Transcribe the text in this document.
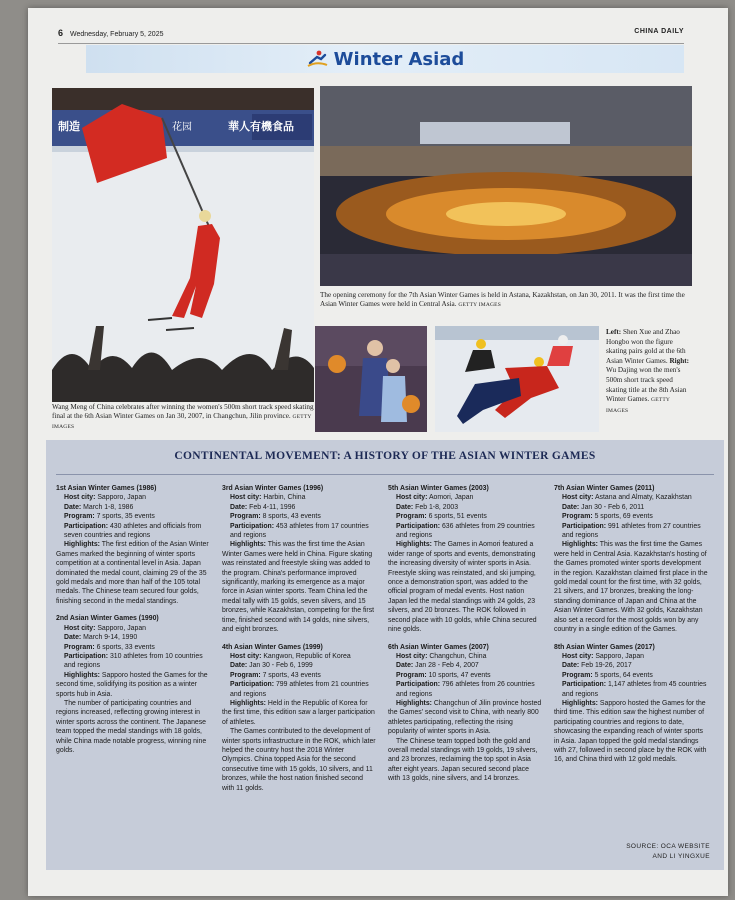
6 Wednesday, February 5, 2025	CHINA DAILY
Winter Asiad
制造	花园	華人有機食品
Wang Meng of China celebrates after winning the women's 500m short track speed skating final at the 6th Asian Winter Games on Jan 30, 2007, in Changchun, Jilin province. GETTY IMAGES
The opening ceremony for the 7th Asian Winter Games is held in Astana, Kazakhstan, on Jan 30, 2011. It was the first time the Asian Winter Games were held in Central Asia. GETTY IMAGES
Left: Shen Xue and Zhao Hongbo won the figure skating pairs gold at the 6th Asian Winter Games. Right: Wu Dajing won the men's 500m short track speed skating title at the 8th Asian Winter Games. GETTY IMAGES
CONTINENTAL MOVEMENT: A HISTORY OF THE ASIAN WINTER GAMES
1st Asian Winter Games (1986)
Host city: Sapporo, Japan
Date: March 1-8, 1986
Program: 7 sports, 35 events
Participation: 430 athletes and officials from seven countries and regions

Highlights: The first edition of the Asian Winter Games marked the beginning of winter sports competition at a continental level in Asia. Japan dominated the medal count, claiming 29 of the 35 gold medals and more than half of the 105 total medals. The Chinese team secured four golds, finishing second in the medal standings.

2nd Asian Winter Games (1990)
Host city: Sapporo, Japan
Date: March 9-14, 1990
Program: 6 sports, 33 events
Participation: 310 athletes from 10 countries and regions

Highlights: Sapporo hosted the Games for the second time, solidifying its position as a winter sports hub in Asia.

The number of participating countries and regions increased, reflecting growing interest in winter sports across the continent. The Japanese team topped the medal standings with 18 golds, while China made notable progress, winning nine golds.

3rd Asian Winter Games (1996)
Host city: Harbin, China
Date: Feb 4-11, 1996
Program: 8 sports, 43 events
Participation: 453 athletes from 17 countries and regions

Highlights: This was the first time the Asian Winter Games were held in China. Figure skating was reinstated and freestyle skiing was added to the program. China's performance improved significantly, marking its emergence as a major force in Asian winter sports. Team China led the medal tally with 15 golds, seven silvers, and 15 bronzes, while Kazakhstan, competing for the first time, finished second with 14 golds, nine silvers, and eight bronzes.

4th Asian Winter Games (1999)
Host city: Kangwon, Republic of Korea
Date: Jan 30 - Feb 6, 1999
Program: 7 sports, 43 events
Participation: 799 athletes from 21 countries and regions

Highlights: Held in the Republic of Korea for the first time, this edition saw a larger participation of athletes.

The Games contributed to the development of winter sports infrastructure in the ROK, which later helped the country host the 2018 Winter Olympics. China topped Asia for the second consecutive time with 15 golds, 10 silvers, and 11 bronzes, while the host nation finished second with 11 golds.

5th Asian Winter Games (2003)
Host city: Aomori, Japan
Date: Feb 1-8, 2003
Program: 6 sports, 51 events
Participation: 636 athletes from 29 countries and regions

Highlights: The Games in Aomori featured a wider range of sports and events, demonstrating the increasing diversity of winter sports in Asia. Freestyle skiing was reinstated, and ski jumping, once a demonstration sport, was added to the official program of medal events. Host nation Japan led the medal standings with 24 golds, 23 silvers, and 20 bronzes. The ROK followed in second place with 10 golds, while China secured nine golds.

6th Asian Winter Games (2007)
Host city: Changchun, China
Date: Jan 28 - Feb 4, 2007
Program: 10 sports, 47 events
Participation: 796 athletes from 26 countries and regions

Highlights: Changchun of Jilin province hosted the Games' second visit to China, with nearly 800 athletes participating, reflecting the rising popularity of winter sports in Asia.

The Chinese team topped both the gold and overall medal standings with 19 golds, 19 silvers, and 23 bronzes, reclaiming the top spot in Asia after eight years. Japan secured second place with 13 golds, nine silvers, and 14 bronzes.

7th Asian Winter Games (2011)
Host city: Astana and Almaty, Kazakhstan
Date: Jan 30 - Feb 6, 2011
Program: 5 sports, 69 events
Participation: 991 athletes from 27 countries and regions

Highlights: This was the first time the Games were held in Central Asia. Kazakhstan's hosting of the Games promoted winter sports development in the region. Kazakhstan claimed first place in the gold medal count for the first time, with 32 golds, 21 silvers, and 17 bronzes, breaking the long-standing dominance of Japan and China at the Asian Winter Games. With 32 golds, Kazakhstan also set a record for the most golds won by any country in a single edition of the Games.

8th Asian Winter Games (2017)
Host city: Sapporo, Japan
Date: Feb 19-26, 2017
Program: 5 sports, 64 events
Participation: 1,147 athletes from 45 countries and regions

Highlights: Sapporo hosted the Games for the third time. This edition saw the highest number of participating countries and regions to date, showcasing the expanding reach of winter sports in Asia. Japan topped the gold medal standings with 27, followed in second place by the ROK with 16, and China third with 12 gold medals.

SOURCE: OCA WEBSITE
AND LI YINGXUE
